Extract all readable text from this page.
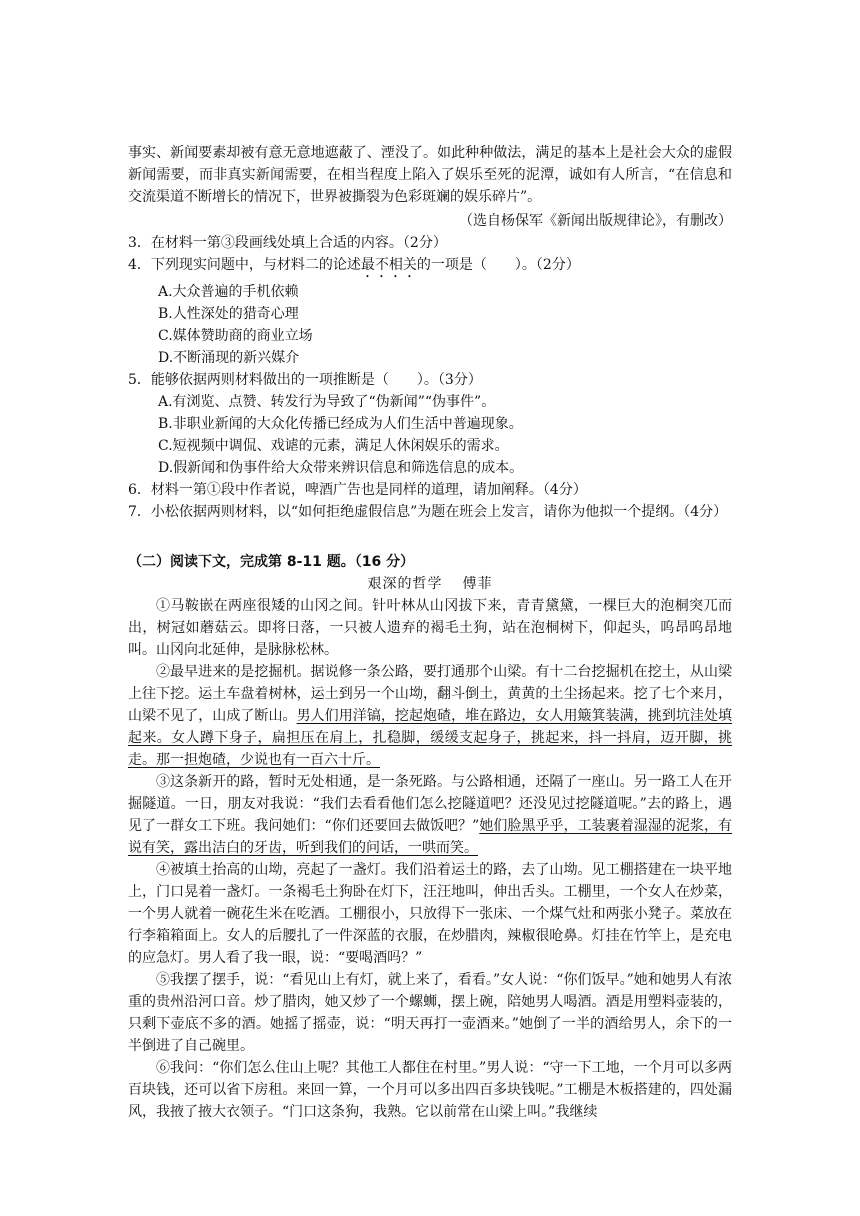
事实、新闻要素却被有意无意地遮蔽了、湮没了。如此种种做法，满足的基本上是社会大众的虚假新闻需要，而非真实新闻需要，在相当程度上陷入了娱乐至死的泥潭，诚如有人所言，“在信息和交流渠道不断增长的情况下，世界被撕裂为色彩斑斓的娱乐碎片”。

（选自杨保军《新闻出版规律论》，有删改）

3．在材料一第③段画线处填上合适的内容。（2分）

4．下列现实问题中，与材料二的论述最不相关的一项是（　　）。（2分）

A.大众普遍的手机依赖

B.人性深处的猎奇心理

C.媒体赞助商的商业立场

D.不断涌现的新兴媒介

5．能够依据两则材料做出的一项推断是（　　）。（3分）

A.有浏览、点赞、转发行为导致了“伪新闻”“伪事件”。

B.非职业新闻的大众化传播已经成为人们生活中普遍现象。

C.短视频中调侃、戏谑的元素，满足人休闲娱乐的需求。

D.假新闻和伪事件给大众带来辨识信息和筛选信息的成本。

6．材料一第①段中作者说，啤酒广告也是同样的道理，请加阐释。（4分）

7．小松依据两则材料，以“如何拒绝虚假信息”为题在班会上发言，请你为他拟一个提纲。（4分）

（二）阅读下文，完成第 8-11 题。（16 分）

艰深的哲学 傅菲

①马鞍嵌在两座很矮的山冈之间。针叶林从山冈拔下来，青青黛黛，一棵巨大的泡桐突兀而出，树冠如蘑菇云。即将日落，一只被人遗弃的褐毛土狗，站在泡桐树下，仰起头，呜昂呜昂地叫。山冈向北延伸，是脉脉松林。

②最早进来的是挖掘机。据说修一条公路，要打通那个山梁。有十二台挖掘机在挖土，从山梁上往下挖。运土车盘着树林，运土到另一个山坳，翻斗倒土，黄黄的土尘扬起来。挖了七个来月，山梁不见了，山成了断山。男人们用洋镐，挖起炮碴，堆在路边，女人用簸箕装满，挑到坑洼处填起来。女人蹲下身子，扁担压在肩上，扎稳脚，缓缓支起身子，挑起来，抖一抖肩，迈开脚，挑走。那一担炮碴，少说也有一百六十斤。

③这条新开的路，暂时无处相通，是一条死路。与公路相通，还隔了一座山。另一路工人在开掘隧道。一日，朋友对我说：“我们去看看他们怎么挖隧道吧？还没见过挖隧道呢。”去的路上，遇见了一群女工下班。我问她们：“你们还要回去做饭吧？”她们脸黑乎乎，工装裹着湿湿的泥浆，有说有笑，露出洁白的牙齿，听到我们的问话，一哄而笑。

④被填土抬高的山坳，亮起了一盏灯。我们沿着运土的路，去了山坳。见工棚搭建在一块平地上，门口晃着一盏灯。一条褐毛土狗卧在灯下，汪汪地叫，伸出舌头。工棚里，一个女人在炒菜，一个男人就着一碗花生米在吃酒。工棚很小，只放得下一张床、一个煤气灶和两张小凳子。菜放在行李箱箱面上。女人的后腰扎了一件深蓝的衣服，在炒腊肉，辣椒很呛鼻。灯挂在竹竿上，是充电的应急灯。男人看了我一眼，说：“要喝酒吗？”

⑤我摆了摆手，说：“看见山上有灯，就上来了，看看。”女人说：“你们饭早。”她和她男人有浓重的贵州沿河口音。炒了腊肉，她又炒了一个螺蛳，摆上碗，陪她男人喝酒。酒是用塑料壶装的，只剩下壶底不多的酒。她摇了摇壶，说：“明天再打一壶酒来。”她倒了一半的酒给男人，余下的一半倒进了自己碗里。

⑥我问：“你们怎么住山上呢？其他工人都住在村里。”男人说：“守一下工地，一个月可以多两百块钱，还可以省下房租。来回一算，一个月可以多出四百多块钱呢。”工棚是木板搭建的，四处漏风，我掖了掖大衣领子。“门口这条狗，我熟。它以前常在山梁上叫。”我继续
